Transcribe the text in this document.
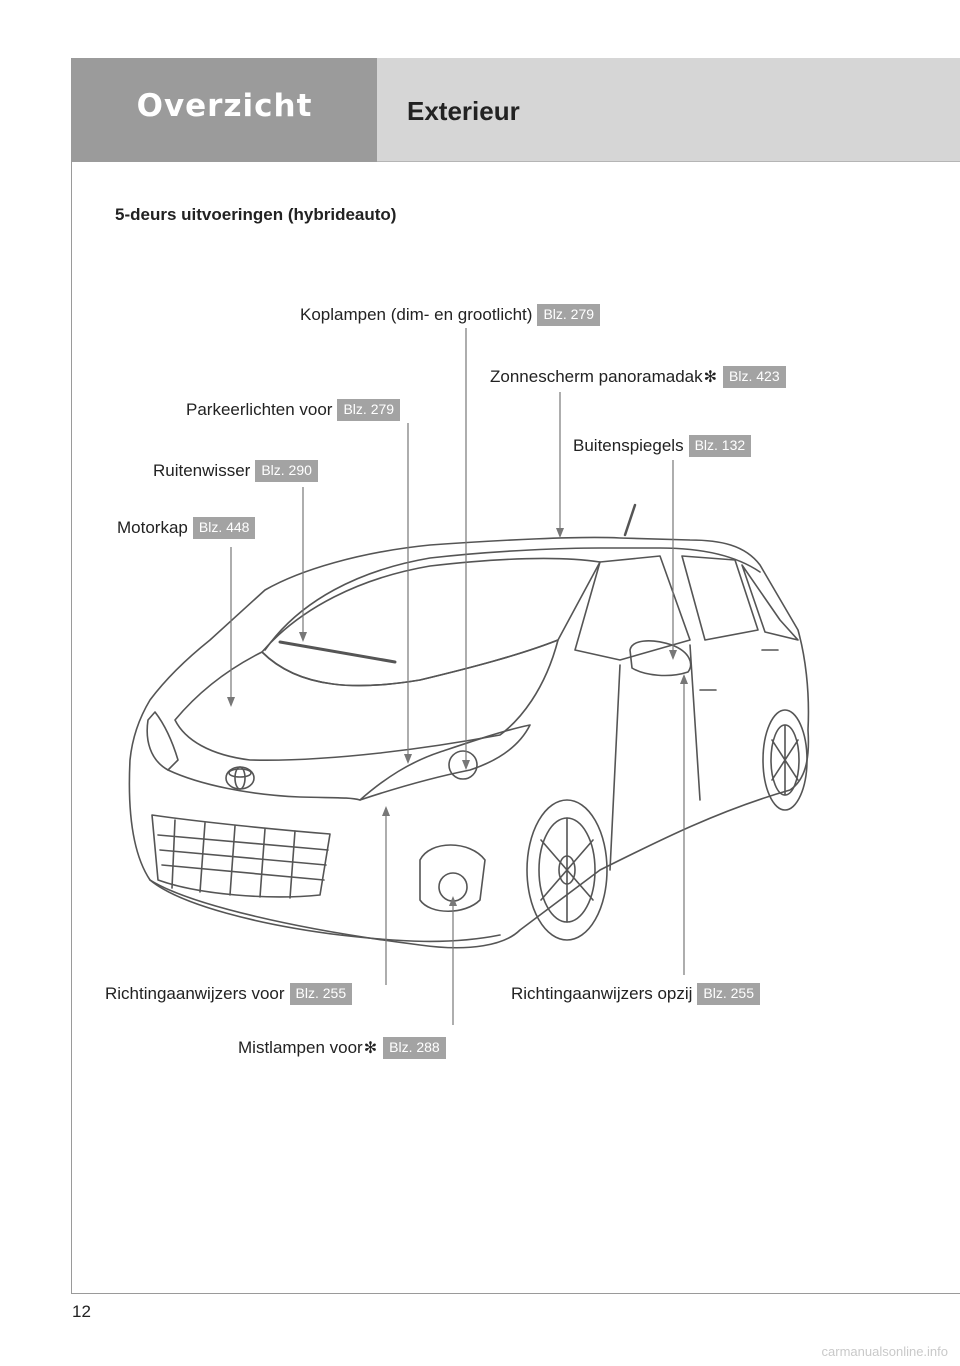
Overzicht	Exterieur
5-deurs uitvoeringen (hybrideauto)
Koplampen (dim- en grootlicht) Blz. 279
Zonnescherm panoramadak ✻ Blz. 423
Parkeerlichten voor Blz. 279
Buitenspiegels Blz. 132
Ruitenwisser Blz. 290
Motorkap Blz. 448
Richtingaanwijzers voor Blz. 255	Richtingaanwijzers opzij Blz. 255
Mistlampen voor ✻ Blz. 288
12
carmanualsonline.info
